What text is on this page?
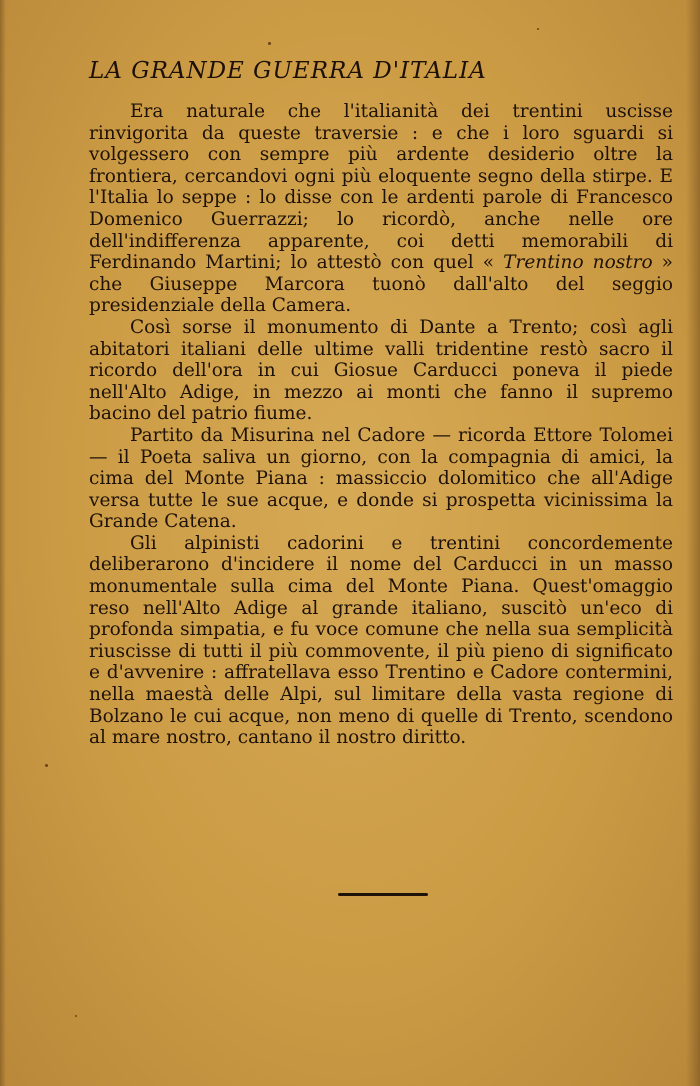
LA GRANDE GUERRA D'ITALIA

Era naturale che l'italianità dei trentini uscisse rinvigorita da queste traversie : e che i loro sguardi si volgessero con sempre più ardente desiderio oltre la frontiera, cercandovi ogni più eloquente segno della stirpe. E l'Italia lo seppe : lo disse con le ardenti parole di Francesco Domenico Guerrazzi; lo ricordò, anche nelle ore dell'indifferenza apparente, coi detti memorabili di Ferdinando Martini; lo attestò con quel « Trentino nostro » che Giuseppe Marcora tuonò dall'alto del seggio presidenziale della Camera.

Così sorse il monumento di Dante a Trento; così agli abitatori italiani delle ultime valli tridentine restò sacro il ricordo dell'ora in cui Giosue Carducci poneva il piede nell'Alto Adige, in mezzo ai monti che fanno il supremo bacino del patrio fiume.

Partito da Misurina nel Cadore — ricorda Ettore Tolomei — il Poeta saliva un giorno, con la compagnia di amici, la cima del Monte Piana : massiccio dolomitico che all'Adige versa tutte le sue acque, e donde si prospetta vicinissima la Grande Catena.

Gli alpinisti cadorini e trentini concordemente deliberarono d'incidere il nome del Carducci in un masso monumentale sulla cima del Monte Piana. Quest'omaggio reso nell'Alto Adige al grande italiano, suscitò un'eco di profonda simpatia, e fu voce comune che nella sua semplicità riuscisse di tutti il più commovente, il più pieno di significato e d'avvenire : affratellava esso Trentino e Cadore contermini, nella maestà delle Alpi, sul limitare della vasta regione di Bolzano le cui acque, non meno di quelle di Trento, scendono al mare nostro, cantano il nostro diritto.
